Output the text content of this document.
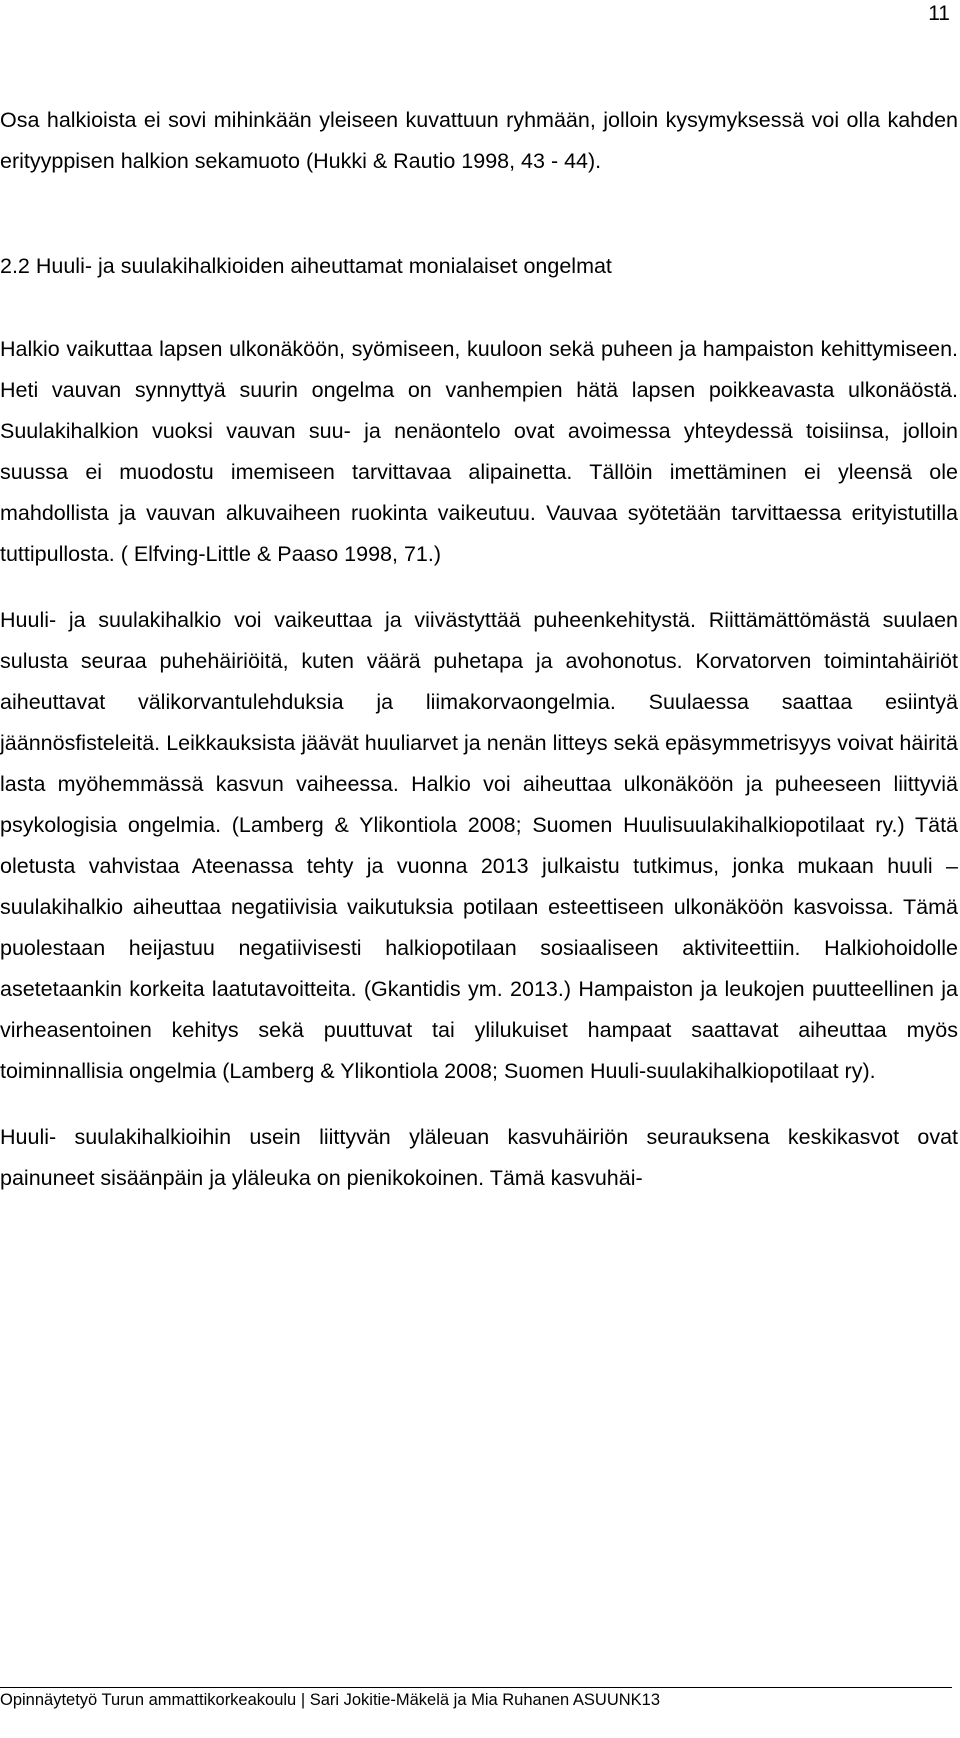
11

Osa halkioista ei sovi mihinkään yleiseen kuvattuun ryhmään, jolloin kysymyksessä voi olla kahden erityyppisen halkion sekamuoto (Hukki & Rautio 1998, 43 - 44).

2.2 Huuli- ja suulakihalkioiden aiheuttamat monialaiset ongelmat

Halkio vaikuttaa lapsen ulkonäköön, syömiseen, kuuloon sekä puheen ja hampaiston kehittymiseen. Heti vauvan synnyttyä suurin ongelma on vanhempien hätä lapsen poikkeavasta ulkonäöstä. Suulakihalkion vuoksi vauvan suu- ja nenäontelo ovat avoimessa yhteydessä toisiinsa, jolloin suussa ei muodostu imemiseen tarvittavaa alipainetta. Tällöin imettäminen ei yleensä ole mahdollista ja vauvan alkuvaiheen ruokinta vaikeutuu. Vauvaa syötetään tarvittaessa erityistutilla tuttipullosta. ( Elfving-Little & Paaso 1998, 71.)

Huuli- ja suulakihalkio voi vaikeuttaa ja viivästyttää puheenkehitystä. Riittämättömästä suulaen sulusta seuraa puhehäiriöitä, kuten väärä puhetapa ja avohonotus. Korvatorven toimintahäiriöt aiheuttavat välikorvantulehduksia ja liimakorvaongelmia. Suulaessa saattaa esiintyä jäännösfisteleitä. Leikkauksista jäävät huuliarvet ja nenän litteys sekä epäsymmetrisyys voivat häiritä lasta myöhemmässä kasvun vaiheessa. Halkio voi aiheuttaa ulkonäköön ja puheeseen liittyviä psykologisia ongelmia. (Lamberg & Ylikontiola 2008; Suomen Huulisuulakihalkiopotilaat ry.) Tätä oletusta vahvistaa Ateenassa tehty ja vuonna 2013 julkaistu tutkimus, jonka mukaan huuli – suulakihalkio aiheuttaa negatiivisia vaikutuksia potilaan esteettiseen ulkonäköön kasvoissa. Tämä puolestaan heijastuu negatiivisesti halkiopotilaan sosiaaliseen aktiviteettiin. Halkiohoidolle asetetaankin korkeita laatutavoitteita. (Gkantidis ym. 2013.) Hampaiston ja leukojen puutteellinen ja virheasentoinen kehitys sekä puuttuvat tai ylilukuiset hampaat saattavat aiheuttaa myös toiminnallisia ongelmia (Lamberg & Ylikontiola 2008; Suomen Huuli-suulakihalkiopotilaat ry).

Huuli- suulakihalkioihin usein liittyvän yläleuan kasvuhäiriön seurauksena keskikasvot ovat painuneet sisäänpäin ja yläleuka on pienikokoinen. Tämä kasvuhäi-

Opinnäytetyö Turun ammattikorkeakoulu | Sari Jokitie-Mäkelä ja Mia Ruhanen ASUUNK13
